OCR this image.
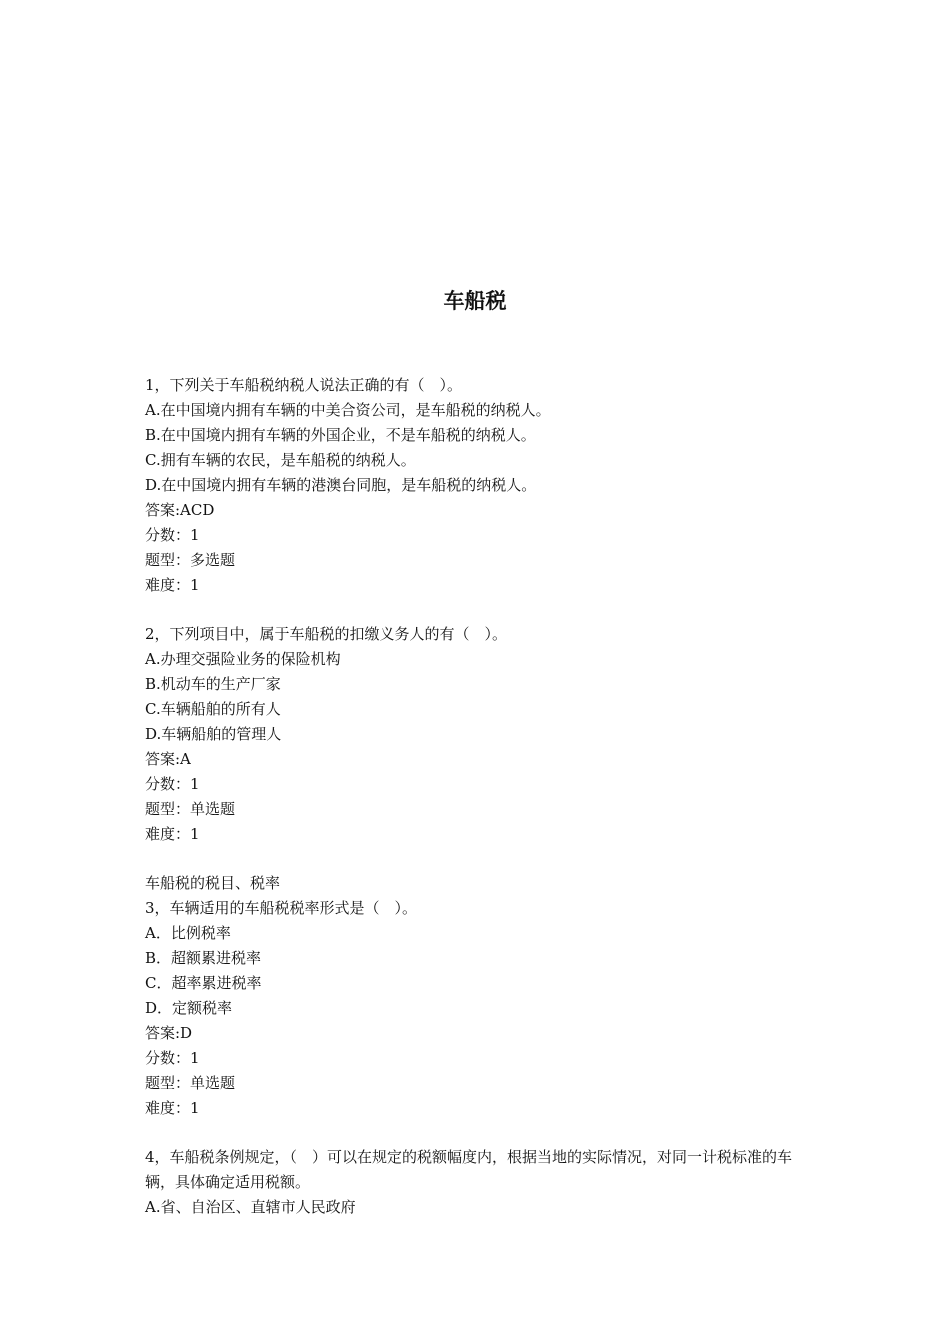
车船税
1，下列关于车船税纳税人说法正确的有（　）。
A.在中国境内拥有车辆的中美合资公司，是车船税的纳税人。
B.在中国境内拥有车辆的外国企业，不是车船税的纳税人。
C.拥有车辆的农民，是车船税的纳税人。
D.在中国境内拥有车辆的港澳台同胞，是车船税的纳税人。
答案:ACD
分数：1
题型：多选题
难度：1
2，下列项目中，属于车船税的扣缴义务人的有（　）。
A.办理交强险业务的保险机构
B.机动车的生产厂家
C.车辆船舶的所有人
D.车辆船舶的管理人
答案:A
分数：1
题型：单选题
难度：1
车船税的税目、税率
3，车辆适用的车船税税率形式是（　）。
A．比例税率
B．超额累进税率
C．超率累进税率
D．定额税率
答案:D
分数：1
题型：单选题
难度：1
4，车船税条例规定，（　）可以在规定的税额幅度内，根据当地的实际情况，对同一计税标准的车辆，具体确定适用税额。
A.省、自治区、直辖市人民政府
